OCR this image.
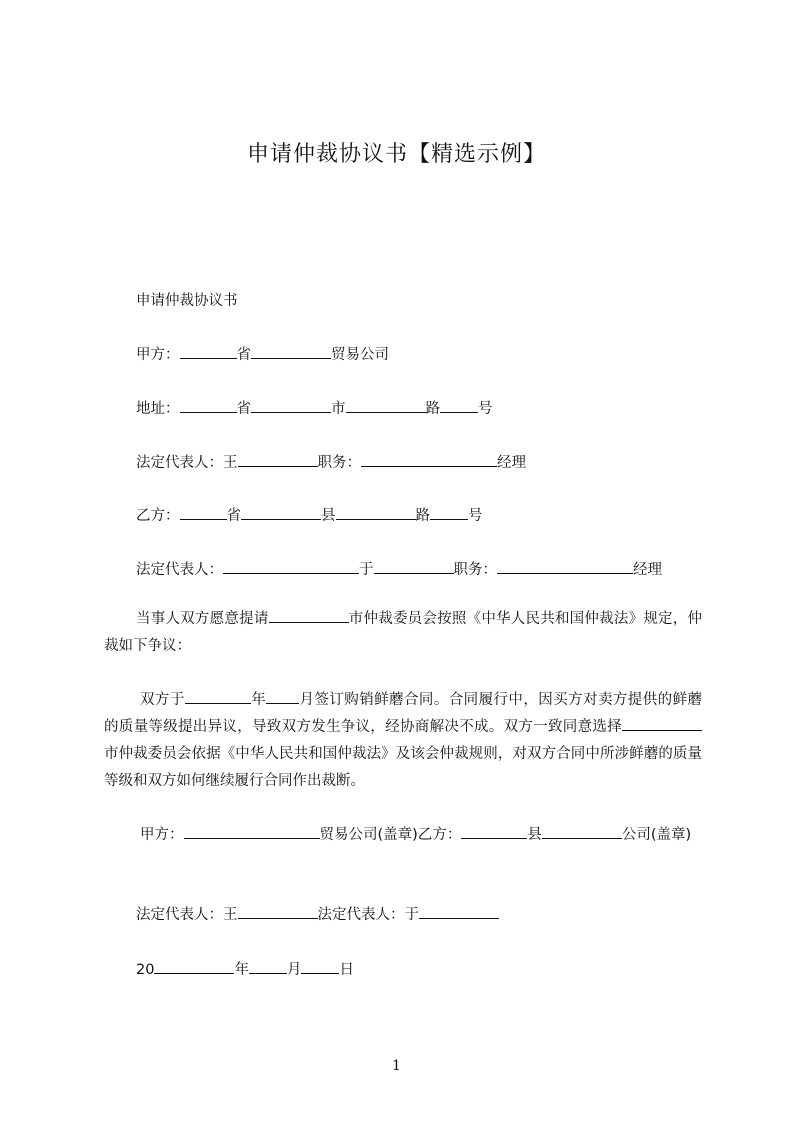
申请仲裁协议书【精选示例】
申请仲裁协议书
甲方：	省	贸易公司
地址：	省	市	路	号
法定代表人：王	职务：	经理
乙方：	省	县	路	号
法定代表人：	于	职务：	经理
当事人双方愿意提请	市仲裁委员会按照《中华人民共和国仲裁法》规定，仲裁如下争议：
双方于	年 月签订购销鲜蘑合同。合同履行中，因买方对卖方提供的鲜蘑的质量等级提出异议，导致双方发生争议，经协商解决不成。双方一致同意选择市仲裁委员会依据《中华人民共和国仲裁法》及该会仲裁规则，对双方合同中所涉鲜蘑的质量等级和双方如何继续履行合同作出裁断。
甲方：	贸易公司(盖章)乙方：	县	公司(盖章)
法定代表人：王	法定代表人：于
20	年	月	日
1
